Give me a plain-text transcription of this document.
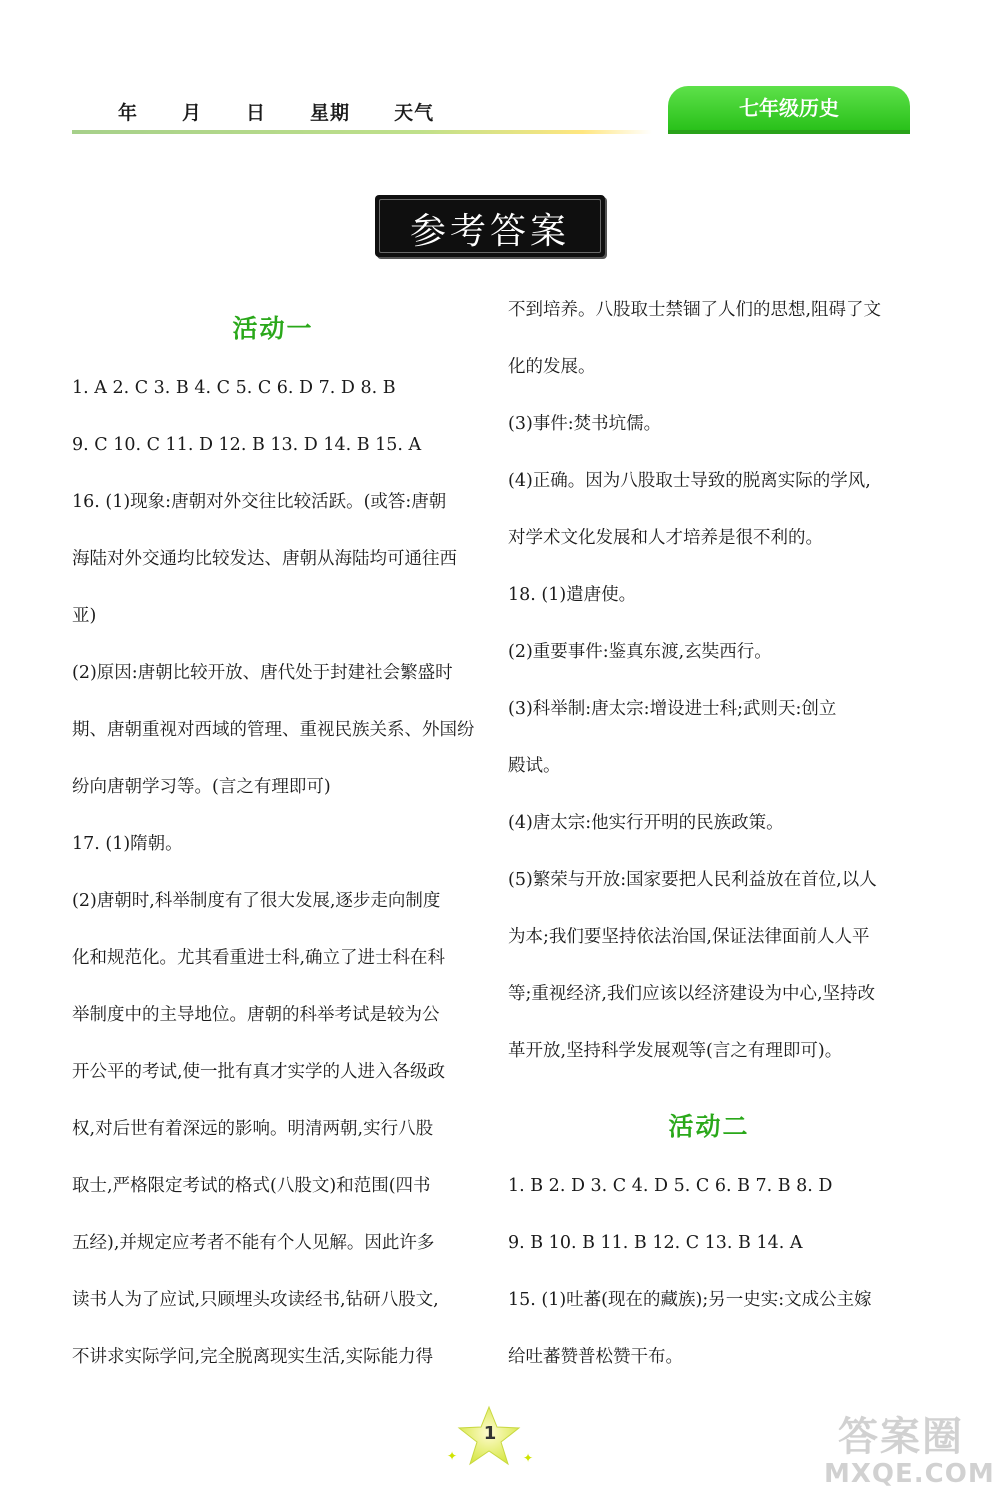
年 月 日 星期 天气	七年级历史
参考答案
活动一
1. A 2. C 3. B 4. C 5. C 6. D 7. D 8. B
9. C 10. C 11. D 12. B 13. D 14. B 15. A
16. (1)现象:唐朝对外交往比较活跃。(或答:唐朝
海陆对外交通均比较发达、唐朝从海陆均可通往西
亚)
(2)原因:唐朝比较开放、唐代处于封建社会繁盛时
期、唐朝重视对西域的管理、重视民族关系、外国纷
纷向唐朝学习等。(言之有理即可)
17. (1)隋朝。
(2)唐朝时,科举制度有了很大发展,逐步走向制度
化和规范化。尤其看重进士科,确立了进士科在科
举制度中的主导地位。唐朝的科举考试是较为公
开公平的考试,使一批有真才实学的人进入各级政
权,对后世有着深远的影响。明清两朝,实行八股
取士,严格限定考试的格式(八股文)和范围(四书
五经),并规定应考者不能有个人见解。因此许多
读书人为了应试,只顾埋头攻读经书,钻研八股文,
不讲求实际学问,完全脱离现实生活,实际能力得
不到培养。八股取士禁锢了人们的思想,阻碍了文
化的发展。
(3)事件:焚书坑儒。
(4)正确。因为八股取士导致的脱离实际的学风,
对学术文化发展和人才培养是很不利的。
18. (1)遣唐使。
(2)重要事件:鉴真东渡,玄奘西行。
(3)科举制:唐太宗:增设进士科;武则天:创立
殿试。
(4)唐太宗:他实行开明的民族政策。
(5)繁荣与开放:国家要把人民利益放在首位,以人
为本;我们要坚持依法治国,保证法律面前人人平
等;重视经济,我们应该以经济建设为中心,坚持改
革开放,坚持科学发展观等(言之有理即可)。
活动二
1. B 2. D 3. C 4. D 5. C 6. B 7. B 8. D
9. B 10. B 11. B 12. C 13. B 14. A
15. (1)吐蕃(现在的藏族);另一史实:文成公主嫁
给吐蕃赞普松赞干布。
1
✦	✦	答案圈
MXQE.COM
